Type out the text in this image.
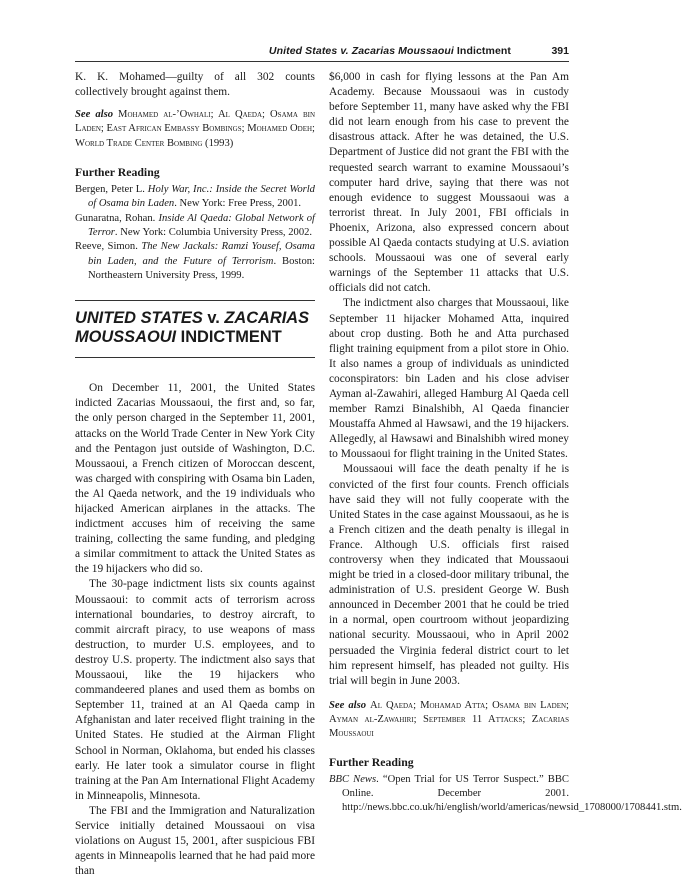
United States v. Zacarias Moussaoui Indictment	391

K. K. Mohamed—guilty of all 302 counts collectively brought against them.

See also Mohamed al-’Owhali; Al Qaeda; Osama bin Laden; East African Embassy Bombings; Mohamed Odeh; World Trade Center Bombing (1993)

Further Reading

Bergen, Peter L. Holy War, Inc.: Inside the Secret World of Osama bin Laden. New York: Free Press, 2001.

Gunaratna, Rohan. Inside Al Qaeda: Global Network of Terror. New York: Columbia University Press, 2002.

Reeve, Simon. The New Jackals: Ramzi Yousef, Osama bin Laden, and the Future of Terrorism. Boston: Northeastern University Press, 1999.

UNITED STATES v. ZACARIAS
MOUSSAOUI INDICTMENT

On December 11, 2001, the United States indicted Zacarias Moussaoui, the first and, so far, the only person charged in the September 11, 2001, attacks on the World Trade Center in New York City and the Pentagon just outside of Washington, D.C. Moussaoui, a French citizen of Moroccan descent, was charged with conspiring with Osama bin Laden, the Al Qaeda network, and the 19 individuals who hijacked American airplanes in the attacks. The indictment accuses him of receiving the same training, collecting the same funding, and pledging a similar commitment to attack the United States as the 19 hijackers who did so.

The 30-page indictment lists six counts against Moussaoui: to commit acts of terrorism across international boundaries, to destroy aircraft, to commit aircraft piracy, to use weapons of mass destruction, to murder U.S. employees, and to destroy U.S. property. The indictment also says that Moussaoui, like the 19 hijackers who commandeered planes and used them as bombs on September 11, trained at an Al Qaeda camp in Afghanistan and later received flight training in the United States. He studied at the Airman Flight School in Norman, Oklahoma, but ended his classes early. He later took a simulator course in flight training at the Pan Am International Flight Academy in Minneapolis, Minnesota.

The FBI and the Immigration and Naturalization Service initially detained Moussaoui on visa violations on August 15, 2001, after suspicious FBI agents in Minneapolis learned that he had paid more than

$6,000 in cash for flying lessons at the Pan Am Academy. Because Moussaoui was in custody before September 11, many have asked why the FBI did not learn enough from his case to prevent the disastrous attack. After he was detained, the U.S. Department of Justice did not grant the FBI with the requested search warrant to examine Moussaoui’s computer hard drive, saying that there was not enough evidence to suggest Moussaoui was a terrorist threat. In July 2001, FBI officials in Phoenix, Arizona, also expressed concern about possible Al Qaeda contacts studying at U.S. aviation schools. Moussaoui was one of several early warnings of the September 11 attacks that U.S. officials did not catch.

The indictment also charges that Moussaoui, like September 11 hijacker Mohamed Atta, inquired about crop dusting. Both he and Atta purchased flight training equipment from a pilot store in Ohio. It also names a group of individuals as unindicted coconspirators: bin Laden and his close adviser Ayman al-Zawahiri, alleged Hamburg Al Qaeda cell member Ramzi Binalshibh, Al Qaeda financier Moustaffa Ahmed al Hawsawi, and the 19 hijackers. Allegedly, al Hawsawi and Binalshibh wired money to Moussaoui for flight training in the United States.

Moussaoui will face the death penalty if he is convicted of the first four counts. French officials have said they will not fully cooperate with the United States in the case against Moussaoui, as he is a French citizen and the death penalty is illegal in France. Although U.S. officials first raised controversy when they indicated that Moussaoui might be tried in a closed-door military tribunal, the administration of U.S. president George W. Bush announced in December 2001 that he could be tried in a normal, open courtroom without jeopardizing national security. Moussaoui, who in April 2002 persuaded the Virginia federal district court to let him represent himself, has pleaded not guilty. His trial will begin in June 2003.

See also Al Qaeda; Mohamad Atta; Osama bin Laden; Ayman al-Zawahiri; September 11 Attacks; Zacarias Moussaoui

Further Reading

BBC News. “Open Trial for US Terror Suspect.” BBC Online. December 2001. http://news.bbc.co.uk/hi/english/world/americas/newsid_1708000/1708441.stm.
